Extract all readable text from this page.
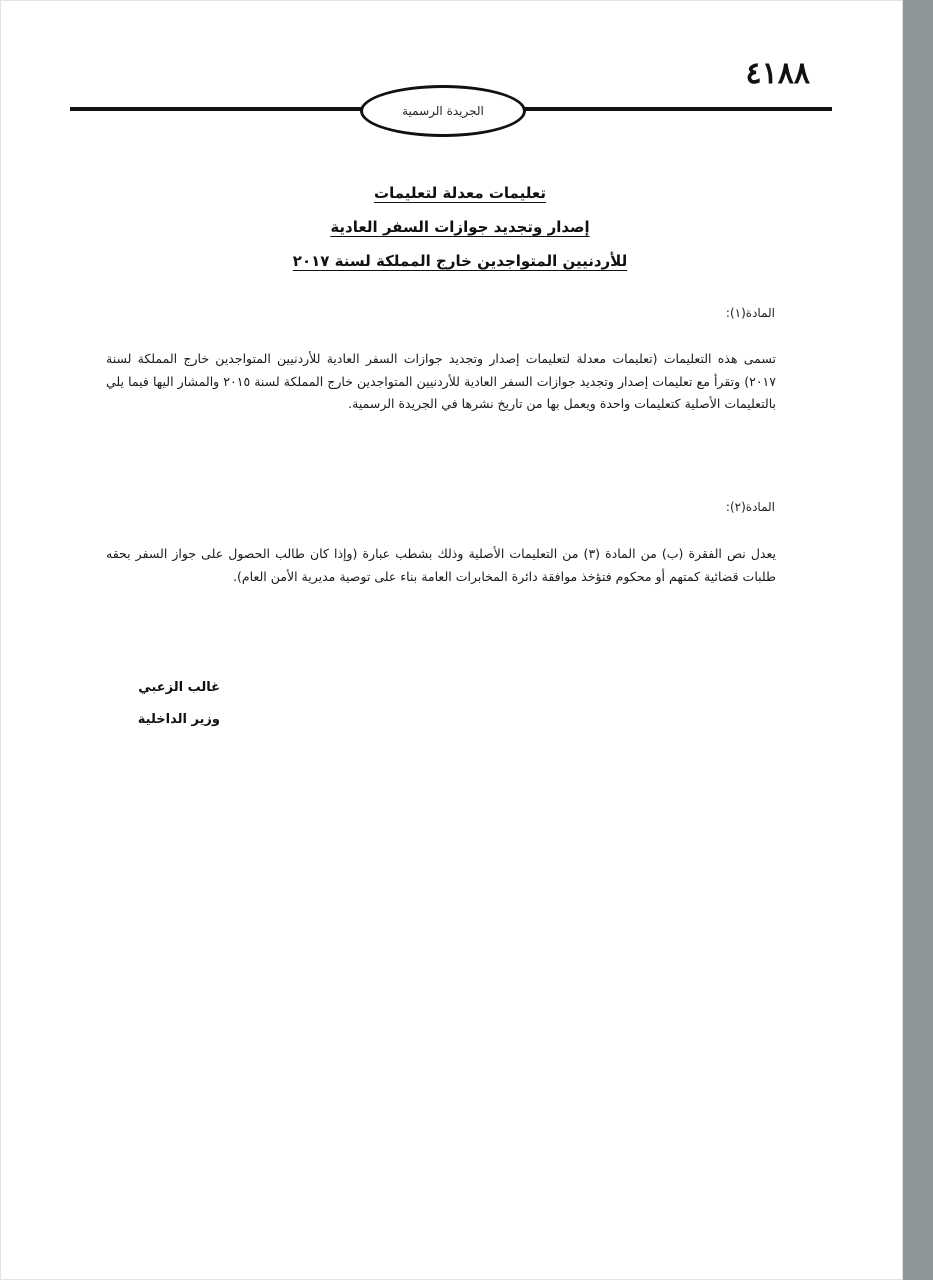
٤١٨٨
الجريدة الرسمية
تعليمات معدلة لتعليمات
إصدار وتجديد جوازات السفر العادية
للأردنيين المتواجدين خارج المملكة لسنة ٢٠١٧
المادة(١):

تسمى هذه التعليمات (تعليمات معدلة لتعليمات إصدار وتجديد جوازات السفر العادية للأردنيين المتواجدين خارج المملكة لسنة ٢٠١٧) وتقرأ مع تعليمات إصدار وتجديد جوازات السفر العادية للأردنيين المتواجدين خارج المملكة لسنة ٢٠١٥ والمشار اليها فيما يلي بالتعليمات الأصلية كتعليمات واحدة ويعمل بها من تاريخ نشرها في الجريدة الرسمية.

المادة(٢):

يعدل نص الفقرة (ب) من المادة (٣) من التعليمات الأصلية وذلك بشطب عبارة (وإذا كان طالب الحصول على جواز السفر بحقه طلبات قضائية كمتهم أو محكوم فتؤخذ موافقة دائرة المخابرات العامة بناء على توصية مديرية الأمن العام).

غالب الزعبي
وزير الداخلية
